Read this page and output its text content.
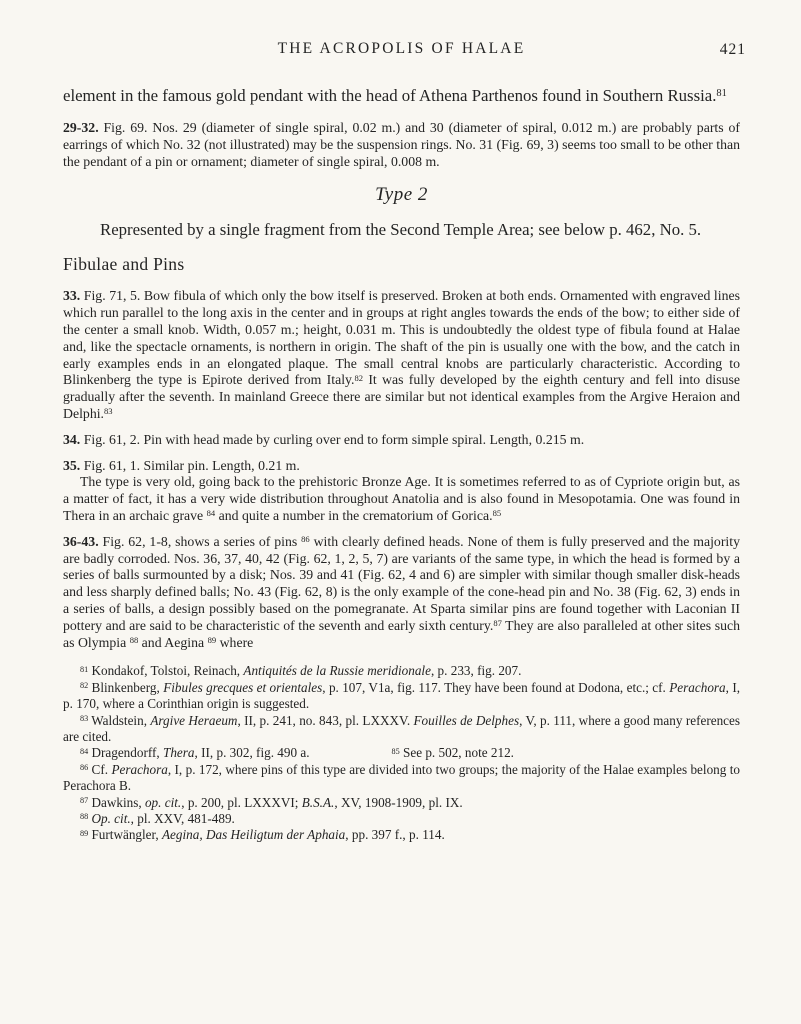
THE ACROPOLIS OF HALAE	421

element in the famous gold pendant with the head of Athena Parthenos found in Southern Russia.$^{81}$

29-32. Fig. 69. Nos. 29 (diameter of single spiral, 0.02 m.) and 30 (diameter of spiral, 0.012 m.) are probably parts of earrings of which No. 32 (not illustrated) may be the suspension rings. No. 31 (Fig. 69, 3) seems too small to be other than the pendant of a pin or ornament; diameter of single spiral, 0.008 m.

Type 2

Represented by a single fragment from the Second Temple Area; see below p. 462, No. 5.

Fibulae and Pins

33. Fig. 71, 5. Bow fibula of which only the bow itself is preserved. Broken at both ends. Ornamented with engraved lines which run parallel to the long axis in the center and in groups at right angles towards the ends of the bow; to either side of the center a small knob. Width, 0.057 m.; height, 0.031 m. This is undoubtedly the oldest type of fibula found at Halae and, like the spectacle ornaments, is northern in origin. The shaft of the pin is usually one with the bow, and the catch in early examples ends in an elongated plaque. The small central knobs are particularly characteristic. According to Blinkenberg the type is Epirote derived from Italy.$^{82}$ It was fully developed by the eighth century and fell into disuse gradually after the seventh. In mainland Greece there are similar but not identical examples from the Argive Heraion and Delphi.$^{83}$

34. Fig. 61, 2. Pin with head made by curling over end to form simple spiral. Length, 0.215 m.

35. Fig. 61, 1. Similar pin. Length, 0.21 m.

The type is very old, going back to the prehistoric Bronze Age. It is sometimes referred to as of Cypriote origin but, as a matter of fact, it has a very wide distribution throughout Anatolia and is also found in Mesopotamia. One was found in Thera in an archaic grave $^{84}$ and quite a number in the crematorium of Gorica.$^{85}$

36-43. Fig. 62, 1-8, shows a series of pins $^{86}$ with clearly defined heads. None of them is fully preserved and the majority are badly corroded. Nos. 36, 37, 40, 42 (Fig. 62, 1, 2, 5, 7) are variants of the same type, in which the head is formed by a series of balls surmounted by a disk; Nos. 39 and 41 (Fig. 62, 4 and 6) are simpler with similar though smaller disk-heads and less sharply defined balls; No. 43 (Fig. 62, 8) is the only example of the cone-head pin and No. 38 (Fig. 62, 3) ends in a series of balls, a design possibly based on the pomegranate. At Sparta similar pins are found together with Laconian II pottery and are said to be characteristic of the seventh and early sixth century.$^{87}$ They are also paralleled at other sites such as Olympia $^{88}$ and Aegina $^{89}$ where

$^{81}$ Kondakof, Tolstoi, Reinach, Antiquités de la Russie meridionale, p. 233, fig. 207.

$^{82}$ Blinkenberg, Fibules grecques et orientales, p. 107, V1a, fig. 117. They have been found at Dodona, etc.; cf. Perachora, I, p. 170, where a Corinthian origin is suggested.

$^{83}$ Waldstein, Argive Heraeum, II, p. 241, no. 843, pl. LXXXV. Fouilles de Delphes, V, p. 111, where a good many references are cited.

$^{84}$ Dragendorff, Thera, II, p. 302, fig. 490 a.	$^{85}$ See p. 502, note 212.

$^{86}$ Cf. Perachora, I, p. 172, where pins of this type are divided into two groups; the majority of the Halae examples belong to Perachora B.

$^{87}$ Dawkins, op. cit., p. 200, pl. LXXXVI; B.S.A., XV, 1908-1909, pl. IX.

$^{88}$ Op. cit., pl. XXV, 481-489.

$^{89}$ Furtwängler, Aegina, Das Heiligtum der Aphaia, pp. 397 f., p. 114.
